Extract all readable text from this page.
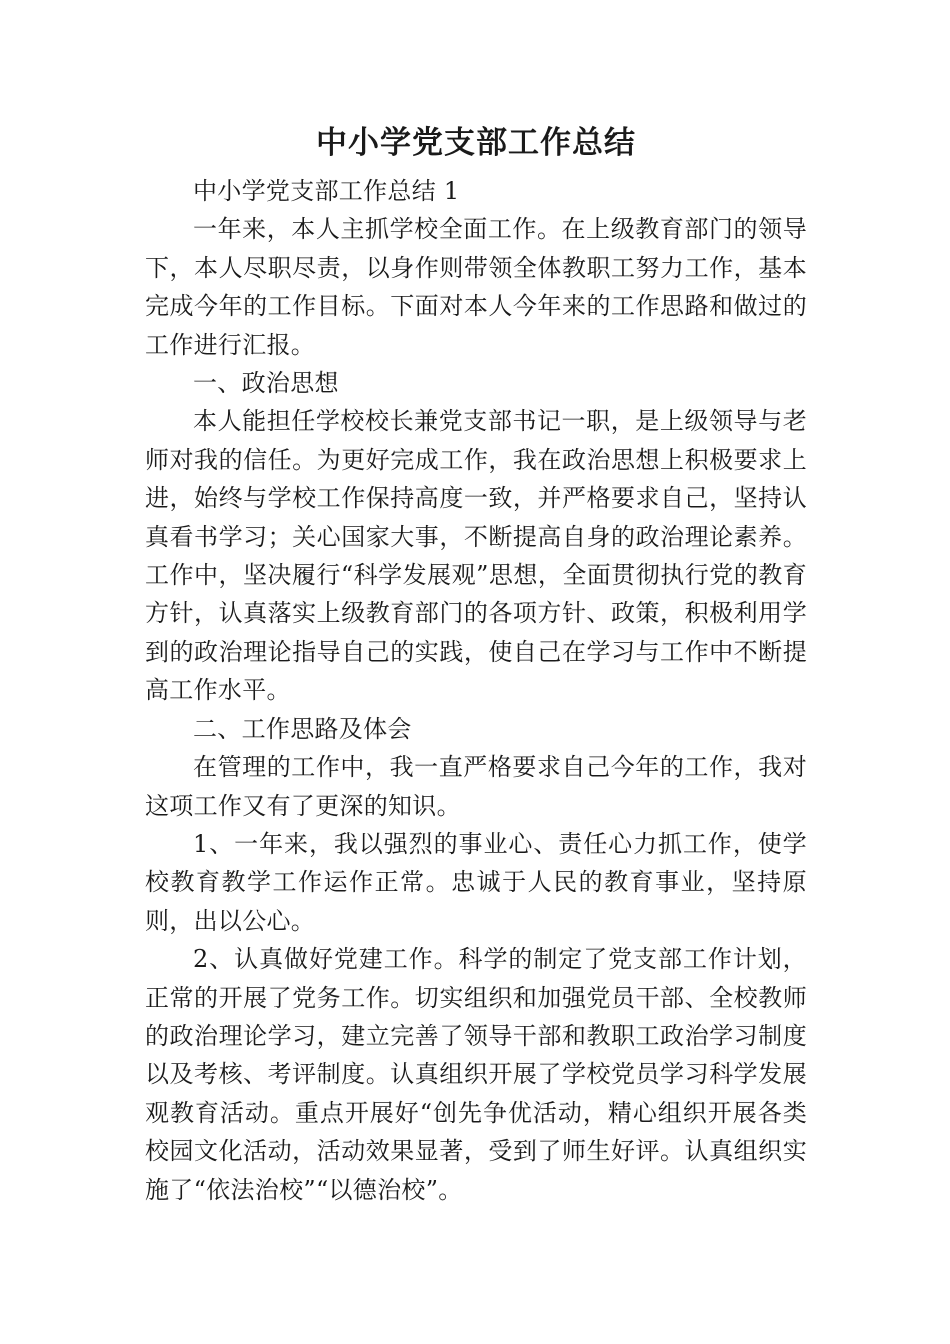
中小学党支部工作总结

中小学党支部工作总结 1

一年来，本人主抓学校全面工作。在上级教育部门的领导下，本人尽职尽责，以身作则带领全体教职工努力工作，基本完成今年的工作目标。下面对本人今年来的工作思路和做过的工作进行汇报。

一、政治思想

本人能担任学校校长兼党支部书记一职，是上级领导与老师对我的信任。为更好完成工作，我在政治思想上积极要求上进，始终与学校工作保持高度一致，并严格要求自己，坚持认真看书学习；关心国家大事，不断提高自身的政治理论素养。工作中，坚决履行“科学发展观”思想，全面贯彻执行党的教育方针，认真落实上级教育部门的各项方针、政策，积极利用学到的政治理论指导自己的实践，使自己在学习与工作中不断提高工作水平。

二、工作思路及体会

在管理的工作中，我一直严格要求自己今年的工作，我对这项工作又有了更深的知识。

1、一年来，我以强烈的事业心、责任心力抓工作，使学校教育教学工作运作正常。忠诚于人民的教育事业，坚持原则，出以公心。

2、认真做好党建工作。科学的制定了党支部工作计划，正常的开展了党务工作。切实组织和加强党员干部、全校教师的政治理论学习，建立完善了领导干部和教职工政治学习制度以及考核、考评制度。认真组织开展了学校党员学习科学发展观教育活动。重点开展好“创先争优活动，精心组织开展各类校园文化活动，活动效果显著，受到了师生好评。认真组织实施了“依法治校”“以德治校”。
